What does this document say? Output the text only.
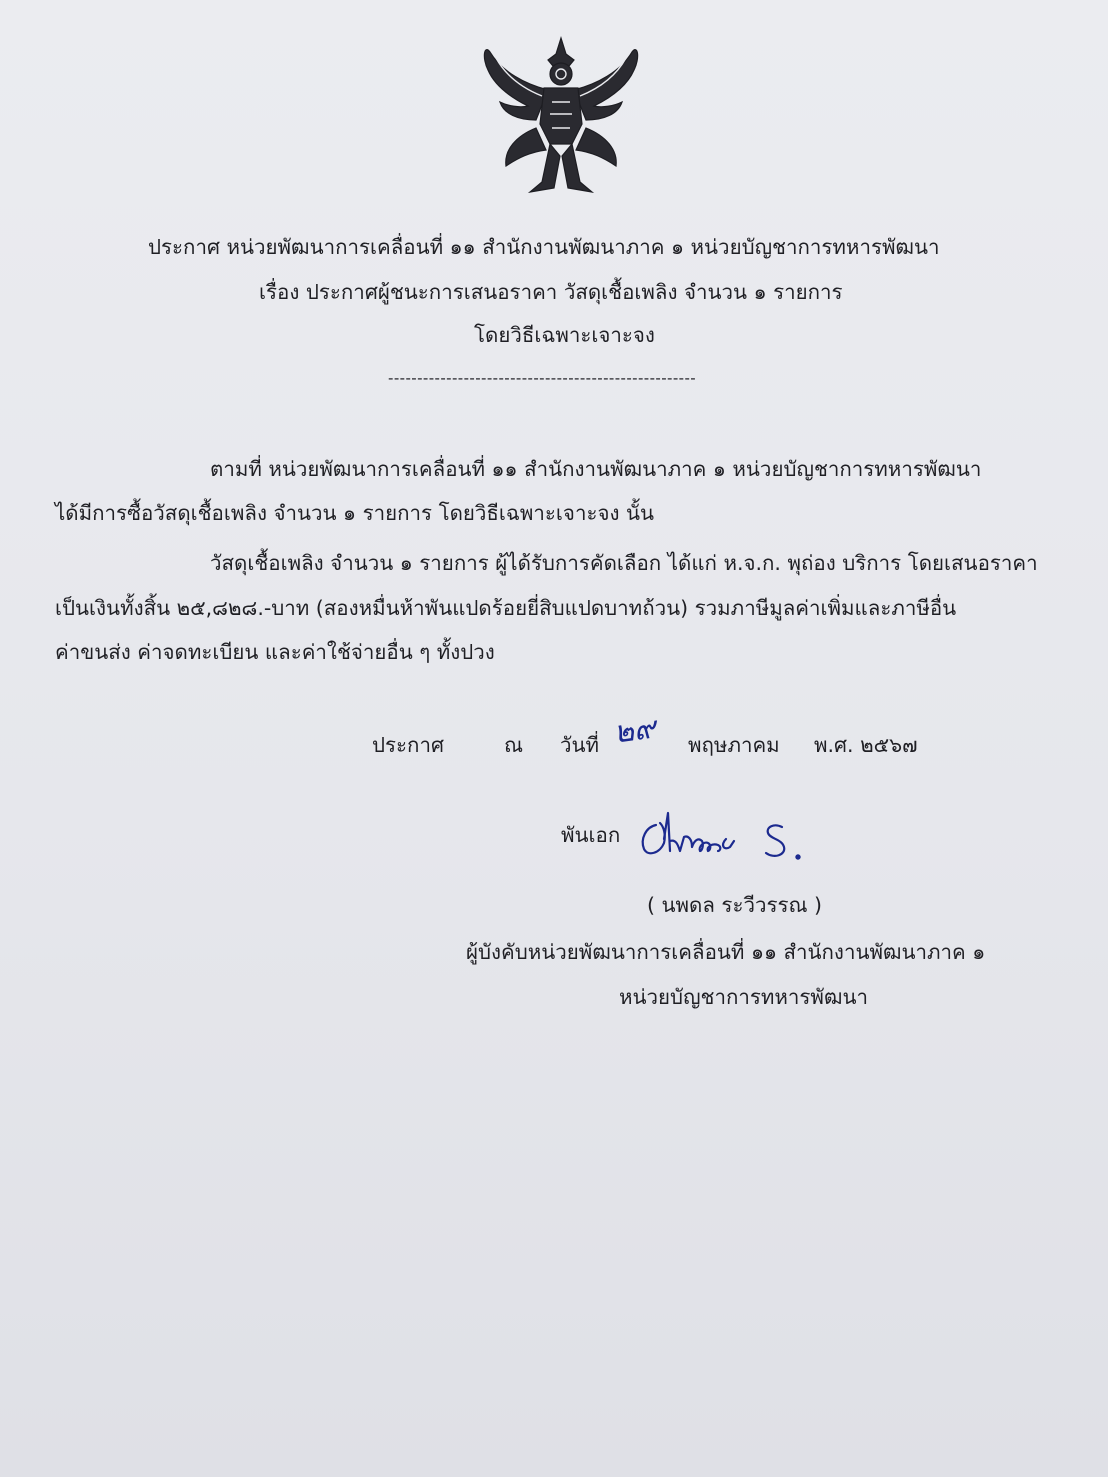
ประกาศ หน่วยพัฒนาการเคลื่อนที่ ๑๑ สำนักงานพัฒนาภาค ๑ หน่วยบัญชาการทหารพัฒนา
เรื่อง ประกาศผู้ชนะการเสนอราคา วัสดุเชื้อเพลิง จำนวน ๑ รายการ
โดยวิธีเฉพาะเจาะจง
-----------------------------------------------------
ตามที่ หน่วยพัฒนาการเคลื่อนที่ ๑๑ สำนักงานพัฒนาภาค ๑ หน่วยบัญชาการทหารพัฒนา
ได้มีการซื้อวัสดุเชื้อเพลิง จำนวน ๑ รายการ โดยวิธีเฉพาะเจาะจง นั้น
วัสดุเชื้อเพลิง จำนวน ๑ รายการ ผู้ได้รับการคัดเลือก ได้แก่ ห.จ.ก. พุถ่อง บริการ โดยเสนอราคา
เป็นเงินทั้งสิ้น ๒๕,๘๒๘.-บาท (สองหมื่นห้าพันแปดร้อยยี่สิบแปดบาทถ้วน) รวมภาษีมูลค่าเพิ่มและภาษีอื่น
ค่าขนส่ง ค่าจดทะเบียน และค่าใช้จ่ายอื่น ๆ ทั้งปวง
ประกาศ	ณ วันที่ ๒๙ พฤษภาคม พ.ศ. ๒๕๖๗
พันเอก
( นพดล ระวีวรรณ )
ผู้บังคับหน่วยพัฒนาการเคลื่อนที่ ๑๑ สำนักงานพัฒนาภาค ๑
หน่วยบัญชาการทหารพัฒนา
